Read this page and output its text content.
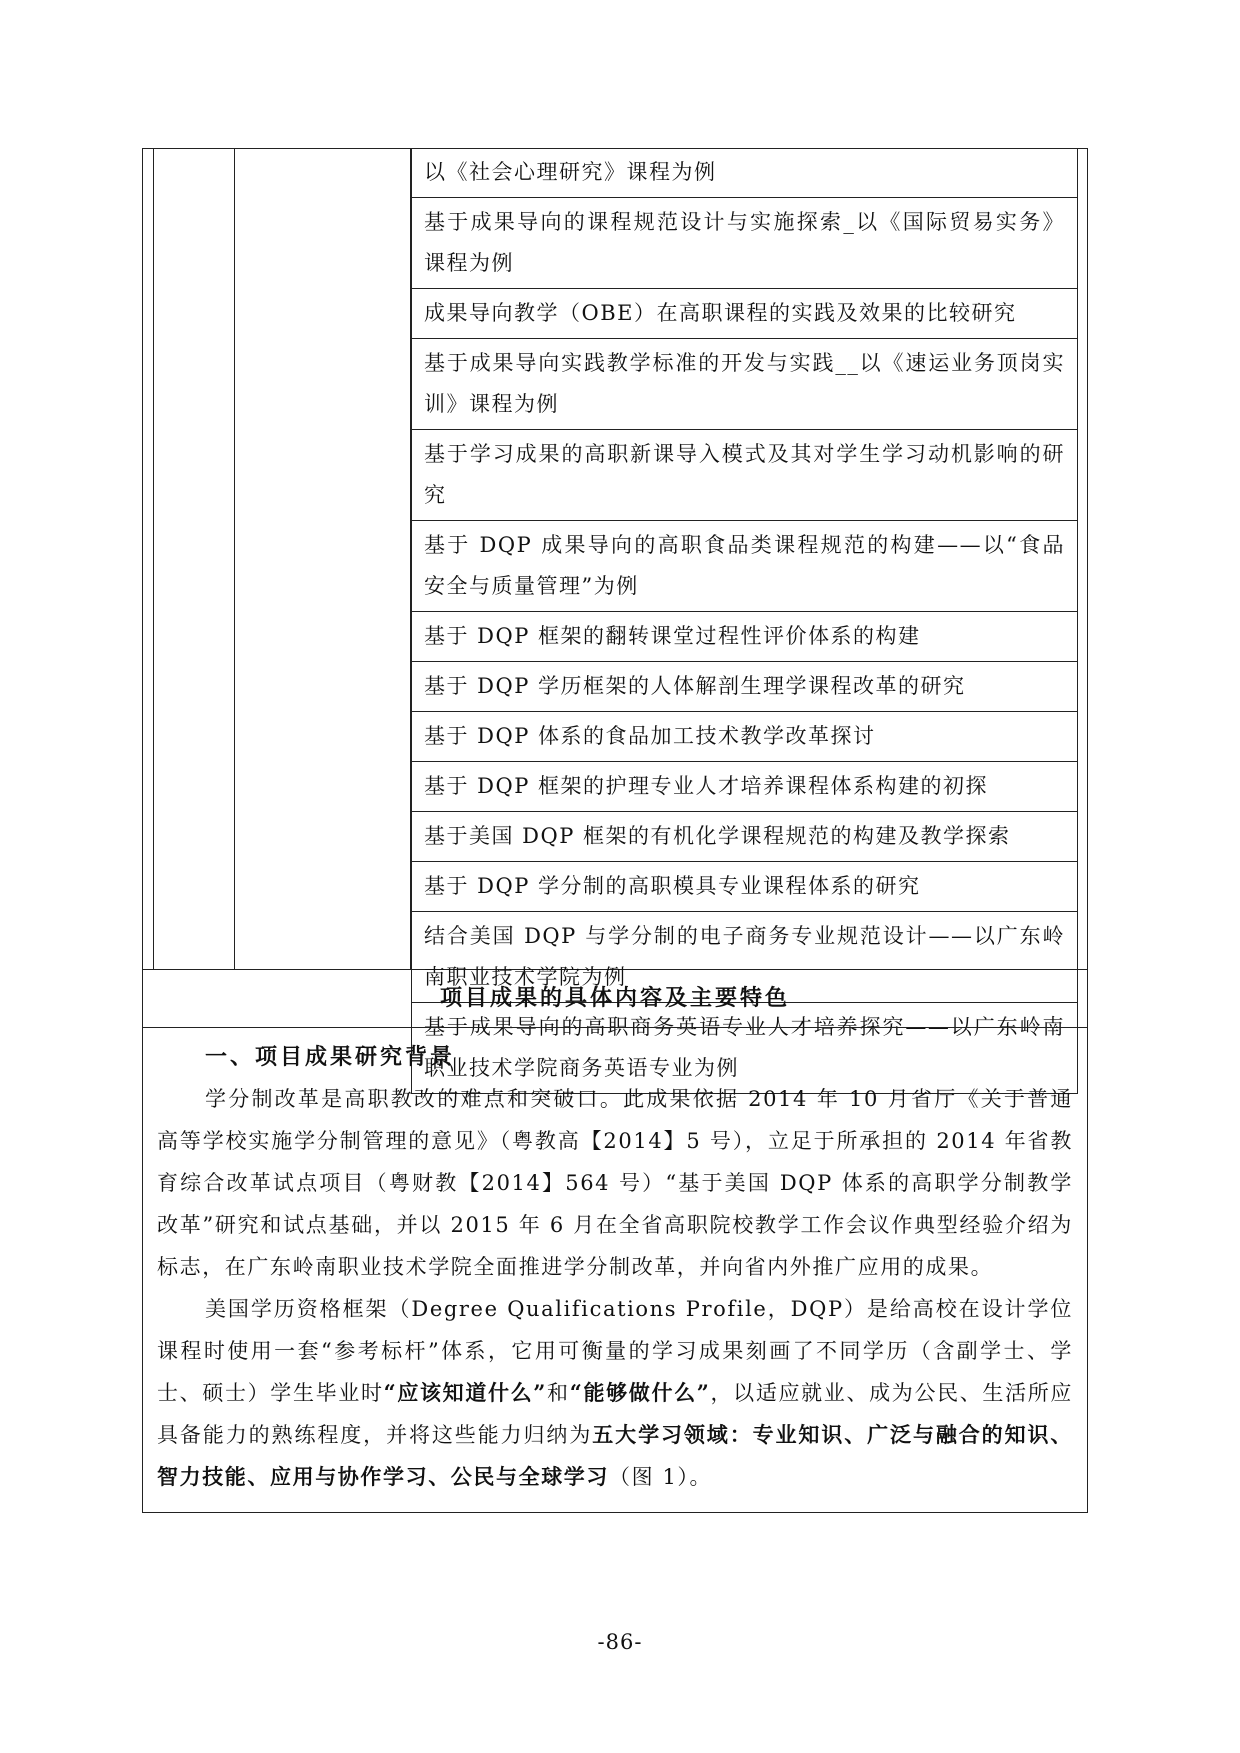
以《社会心理研究》课程为例
基于成果导向的课程规范设计与实施探索_以《国际贸易实务》课程为例
成果导向教学（OBE）在高职课程的实践及效果的比较研究
基于成果导向实践教学标准的开发与实践__以《速运业务顶岗实训》课程为例
基于学习成果的高职新课导入模式及其对学生学习动机影响的研究
基于 DQP 成果导向的高职食品类课程规范的构建——以“食品安全与质量管理”为例
基于 DQP 框架的翻转课堂过程性评价体系的构建
基于 DQP 学历框架的人体解剖生理学课程改革的研究
基于 DQP 体系的食品加工技术教学改革探讨
基于 DQP 框架的护理专业人才培养课程体系构建的初探
基于美国 DQP 框架的有机化学课程规范的构建及教学探索
基于 DQP 学分制的高职模具专业课程体系的研究
结合美国 DQP 与学分制的电子商务专业规范设计——以广东岭南职业技术学院为例
基于成果导向的高职商务英语专业人才培养探究——以广东岭南职业技术学院商务英语专业为例
项目成果的具体内容及主要特色

一、项目成果研究背景

学分制改革是高职教改的难点和突破口。此成果依据 2014 年 10 月省厅《关于普通高等学校实施学分制管理的意见》（粤教高【2014】5 号），立足于所承担的 2014 年省教育综合改革试点项目（粤财教【2014】564 号）“基于美国 DQP 体系的高职学分制教学改革”研究和试点基础，并以 2015 年 6 月在全省高职院校教学工作会议作典型经验介绍为标志，在广东岭南职业技术学院全面推进学分制改革，并向省内外推广应用的成果。

美国学历资格框架（Degree Qualifications Profile，DQP）是给高校在设计学位课程时使用一套“参考标杆”体系，它用可衡量的学习成果刻画了不同学历（含副学士、学士、硕士）学生毕业时“应该知道什么”和“能够做什么”，以适应就业、成为公民、生活所应具备能力的熟练程度，并将这些能力归纳为五大学习领域：专业知识、广泛与融合的知识、智力技能、应用与协作学习、公民与全球学习（图 1）。

-86-
